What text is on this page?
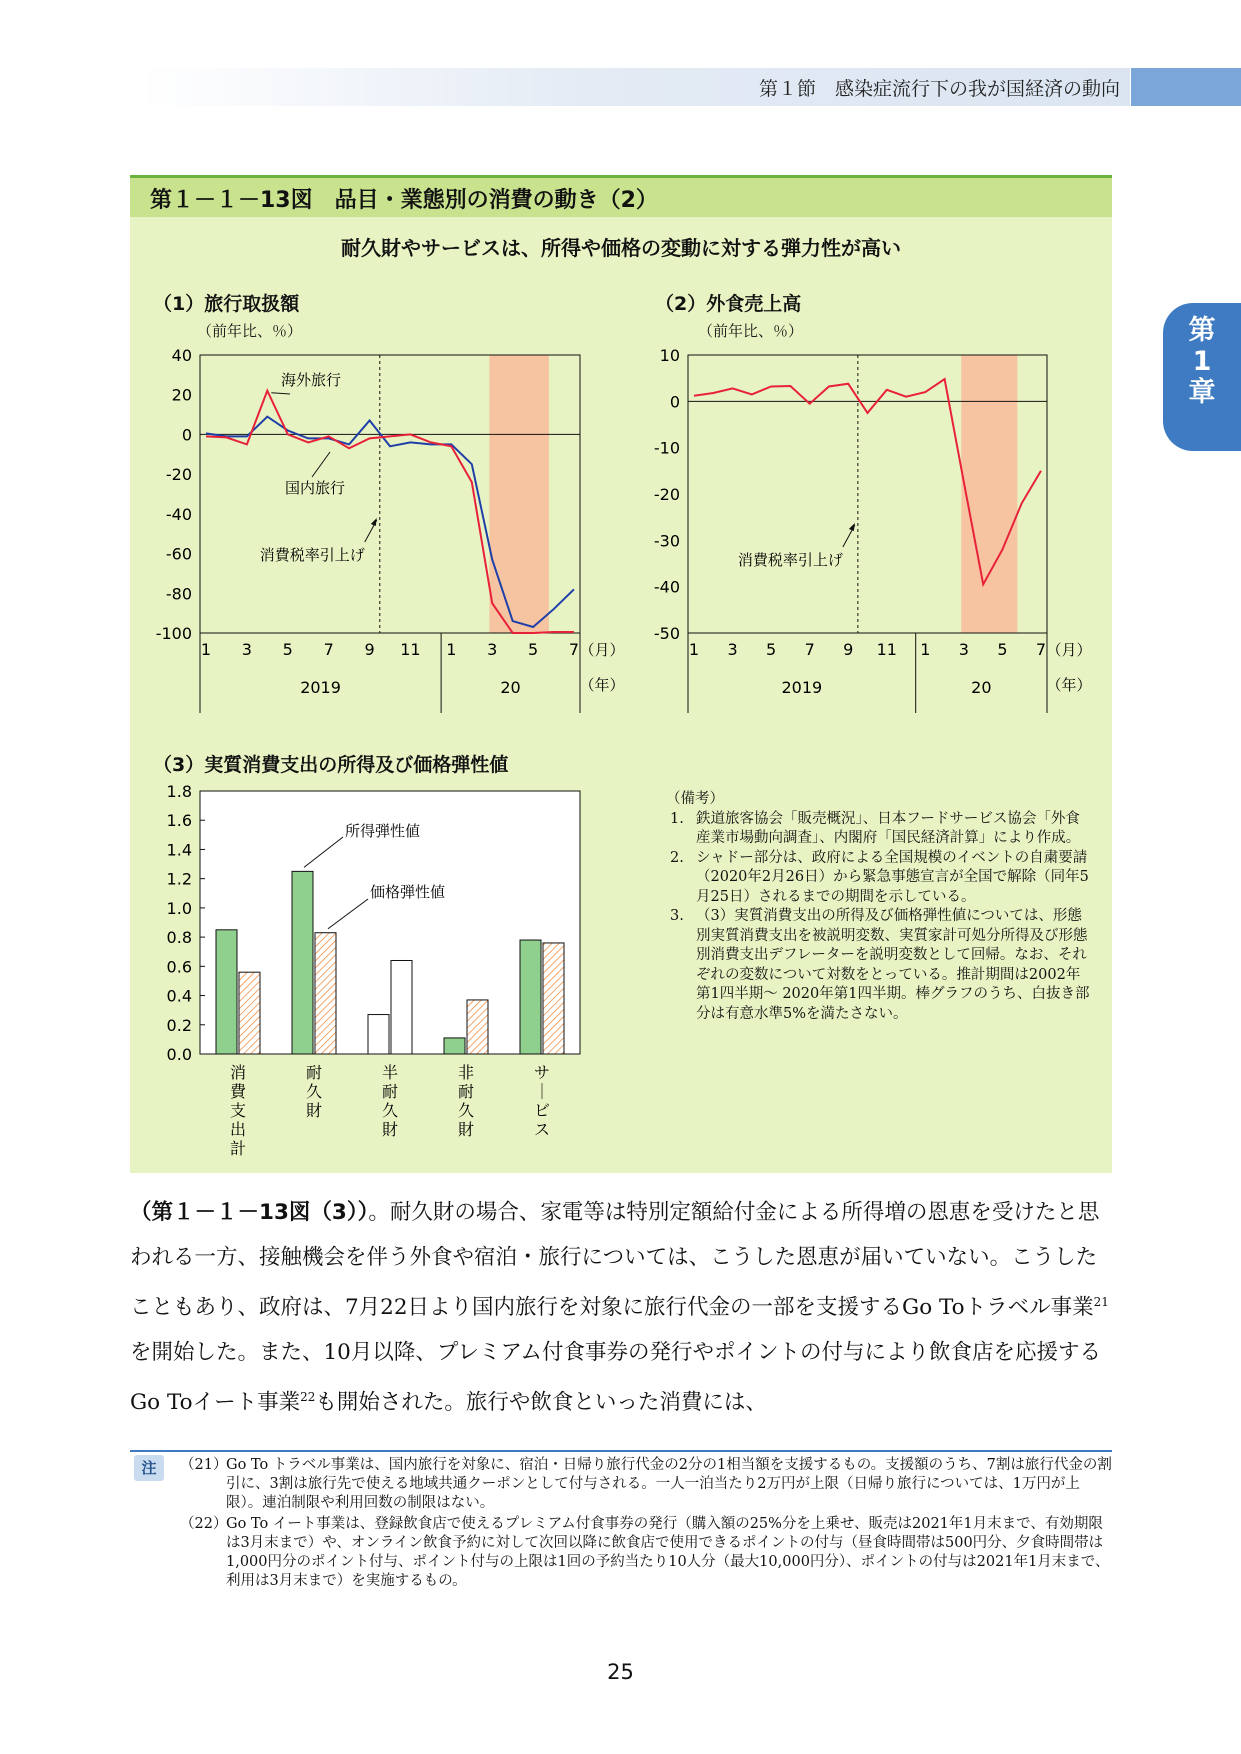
第１節　感染症流行下の我が国経済の動向
第
1
章
第１－１－13図　品目・業態別の消費の動き（2）
耐久財やサービスは、所得や価格の変動に対する弾力性が高い
（1）旅行取扱額
（前年比、％）
（2）外食売上高
（前年比、％）
（3）実質消費支出の所得及び価格弾性値
40
20
0
-20
-40
-60
-80
-100
1 3 5 7 9 11 1 3 5 7 （月）
（年）
2019	20
消費税率引上げ
海外旅行
国内旅行
10
0
-10
-20
-30
-40
-50
1 3 5 7 9 11 1 3 5 7 （月）
（年）
2019	20
消費税率引上げ
1.8
1.6
1.4
1.2
1.0
0.8
0.6
0.4
0.2
0.0
消費支出計
耐久財
半耐久財
非耐久財
サ｜ビス
所得弾性値
価格弾性値
（備考）
1. 鉄道旅客協会「販売概況」、日本フードサービス協会「外食産業市場動向調査」、内閣府「国民経済計算」により作成。
2. シャドー部分は、政府による全国規模のイベントの自粛要請（2020年2月26日）から緊急事態宣言が全国で解除（同年5月25日）されるまでの期間を示している。
3. （3）実質消費支出の所得及び価格弾性値については、形態別実質消費支出を被説明変数、実質家計可処分所得及び形態別消費支出デフレーターを説明変数として回帰。なお、それぞれの変数について対数をとっている。推計期間は2002年第1四半期〜 2020年第1四半期。棒グラフのうち、白抜き部分は有意水準5%を満たさない。

（第１－１－13図（3））。耐久財の場合、家電等は特別定額給付金による所得増の恩恵を受けたと思われる一方、接触機会を伴う外食や宿泊・旅行については、こうした恩恵が届いていない。こうしたこともあり、政府は、7月22日より国内旅行を対象に旅行代金の一部を支援するGo Toトラベル事業$^{21}$を開始した。また、10月以降、プレミアム付食事券の発行やポイントの付与により飲食店を応援するGo Toイート事業$^{22}$も開始された。旅行や飲食といった消費には、

注	（21）
Go To トラベル事業は、国内旅行を対象に、宿泊・日帰り旅行代金の2分の1相当額を支援するもの。支援額のうち、7割は旅行代金の割引に、3割は旅行先で使える地域共通クーポンとして付与される。一人一泊当たり2万円が上限（日帰り旅行については、1万円が上限）。連泊制限や利用回数の制限はない。
（22）
Go To イート事業は、登録飲食店で使えるプレミアム付食事券の発行（購入額の25%分を上乗せ、販売は2021年1月末まで、有効期限は3月末まで）や、オンライン飲食予約に対して次回以降に飲食店で使用できるポイントの付与（昼食時間帯は500円分、夕食時間帯は1,000円分のポイント付与、ポイント付与の上限は1回の予約当たり10人分（最大10,000円分）、ポイントの付与は2021年1月末まで、利用は3月末まで）を実施するもの。
25
